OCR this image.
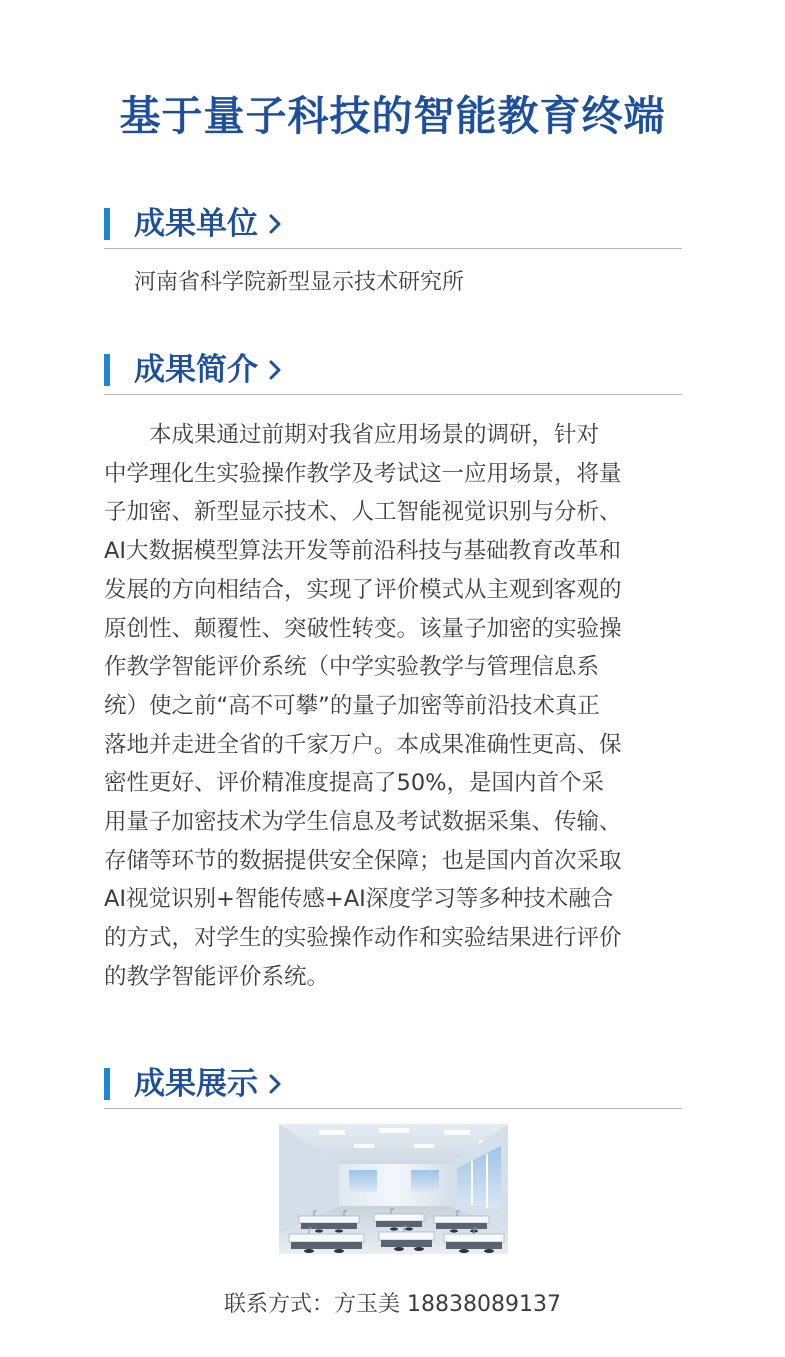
基于量子科技的智能教育终端
成果单位
河南省科学院新型显示技术研究所
成果简介
　　本成果通过前期对我省应用场景的调研，针对
中学理化生实验操作教学及考试这一应用场景，将量
子加密、新型显示技术、人工智能视觉识别与分析、
AI大数据模型算法开发等前沿科技与基础教育改革和
发展的方向相结合，实现了评价模式从主观到客观的
原创性、颠覆性、突破性转变。该量子加密的实验操
作教学智能评价系统（中学实验教学与管理信息系
统）使之前“高不可攀”的量子加密等前沿技术真正
落地并走进全省的千家万户。本成果准确性更高、保
密性更好、评价精准度提高了50%，是国内首个采
用量子加密技术为学生信息及考试数据采集、传输、
存储等环节的数据提供安全保障；也是国内首次采取
AI视觉识别+智能传感+AI深度学习等多种技术融合
的方式，对学生的实验操作动作和实验结果进行评价
的教学智能评价系统。
成果展示
联系方式：方玉美 18838089137
